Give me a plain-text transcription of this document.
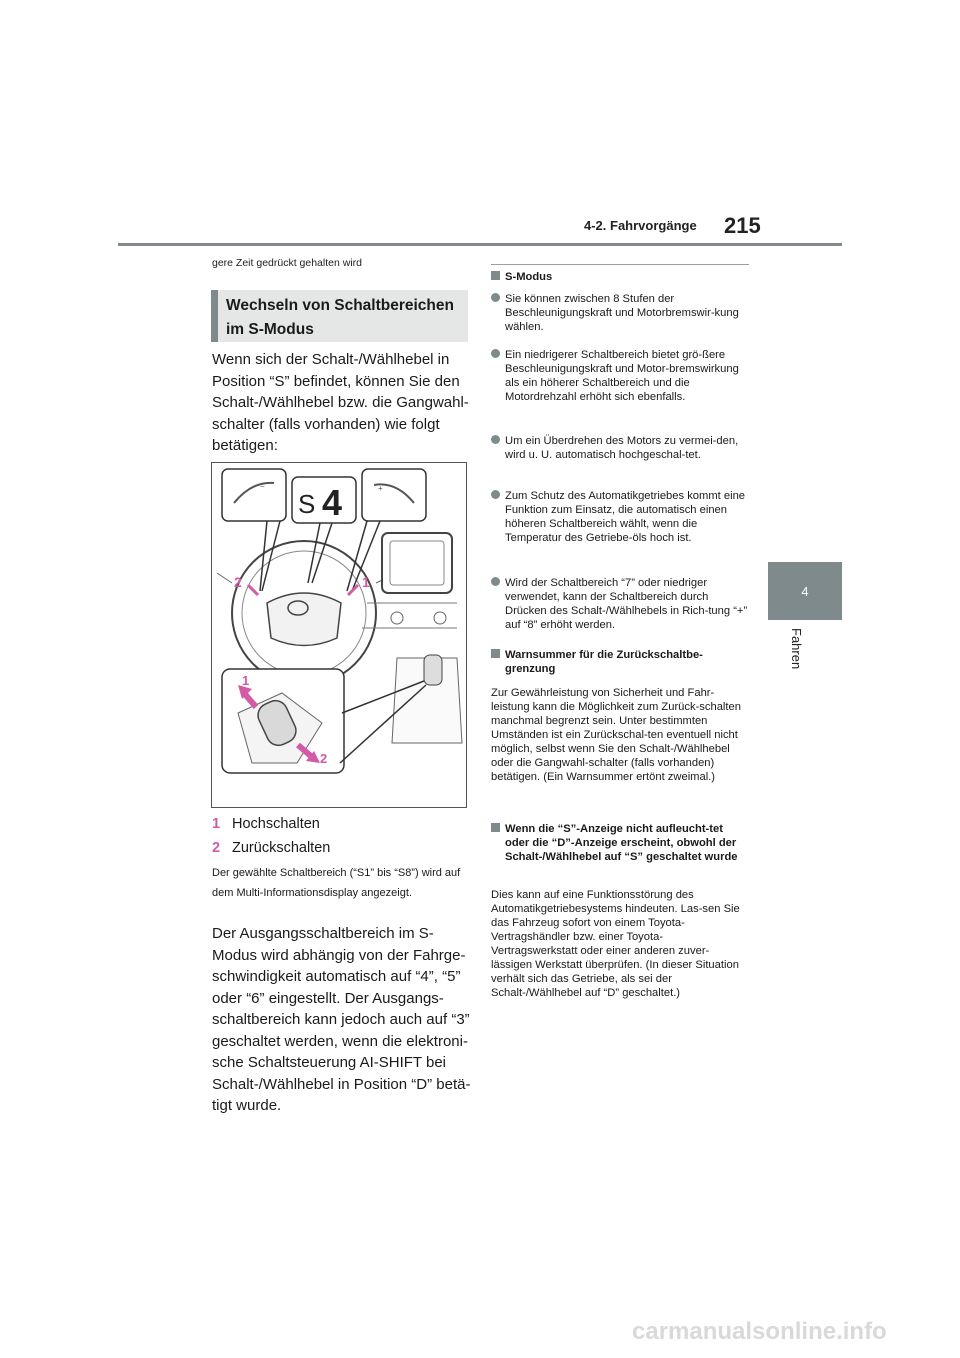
4-2. Fahrvorgänge 215
4
Fahren
gere Zeit gedrückt gehalten wird
Wechseln von Schaltbereichen im S-Modus
Wenn sich der Schalt-/Wählhebel in Position “S” befindet, können Sie den Schalt-/Wählhebel bzw. die Gangwahl-schalter (falls vorhanden) wie folgt betätigen:
−
S 4	+
2	1
1
2
1 Hochschalten
2 Zurückschalten
Der gewählte Schaltbereich (“S1” bis “S8”) wird auf dem Multi-Informationsdisplay angezeigt.
Der Ausgangsschaltbereich im S-Modus wird abhängig von der Fahrge-schwindigkeit automatisch auf “4”, “5” oder “6” eingestellt. Der Ausgangs-schaltbereich kann jedoch auch auf “3” geschaltet werden, wenn die elektroni-sche Schaltsteuerung AI-SHIFT bei Schalt-/Wählhebel in Position “D” betä-tigt wurde.
S-Modus
Sie können zwischen 8 Stufen der Beschleunigungskraft und Motorbremswir-kung wählen.
Ein niedrigerer Schaltbereich bietet grö-ßere Beschleunigungskraft und Motor-bremswirkung als ein höherer Schaltbereich und die Motordrehzahl erhöht sich ebenfalls.
Um ein Überdrehen des Motors zu vermei-den, wird u. U. automatisch hochgeschal-tet.
Zum Schutz des Automatikgetriebes kommt eine Funktion zum Einsatz, die automatisch einen höheren Schaltbereich wählt, wenn die Temperatur des Getriebe-öls hoch ist.
Wird der Schaltbereich “7” oder niedriger verwendet, kann der Schaltbereich durch Drücken des Schalt-/Wählhebels in Rich-tung “+” auf “8” erhöht werden.
Warnsummer für die Zurückschaltbe-grenzung
Zur Gewährleistung von Sicherheit und Fahr-leistung kann die Möglichkeit zum Zurück-schalten manchmal begrenzt sein. Unter bestimmten Umständen ist ein Zurückschal-ten eventuell nicht möglich, selbst wenn Sie den Schalt-/Wählhebel oder die Gangwahl-schalter (falls vorhanden) betätigen. (Ein Warnsummer ertönt zweimal.)
Wenn die “S”-Anzeige nicht aufleucht-tet oder die “D”-Anzeige erscheint, obwohl der Schalt-/Wählhebel auf “S” geschaltet wurde
Dies kann auf eine Funktionsstörung des Automatikgetriebesystems hindeuten. Las-sen Sie das Fahrzeug sofort von einem Toyota-Vertragshändler bzw. einer Toyota-Vertragswerkstatt oder einer anderen zuver-lässigen Werkstatt überprüfen. (In dieser Situation verhält sich das Getriebe, als sei der Schalt-/Wählhebel auf “D” geschaltet.)
carmanualsonline.info
